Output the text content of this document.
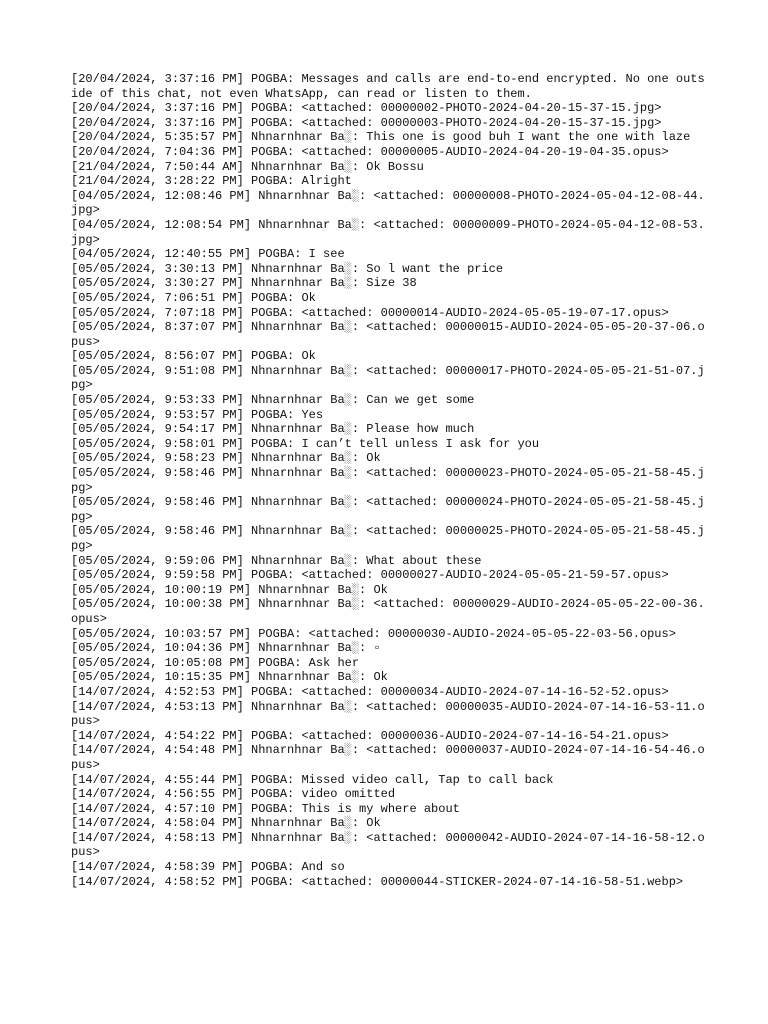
[20/04/2024, 3:37:16 PM] POGBA: Messages and calls are end-to-end encrypted. No one outside of this chat, not even WhatsApp, can read or listen to them.
[20/04/2024, 3:37:16 PM] POGBA: <attached: 00000002-PHOTO-2024-04-20-15-37-15.jpg>
[20/04/2024, 3:37:16 PM] POGBA: <attached: 00000003-PHOTO-2024-04-20-15-37-15.jpg>
[20/04/2024, 5:35:57 PM] Nhnarnhnar Ba░: This one is good buh I want the one with laze
[20/04/2024, 7:04:36 PM] POGBA: <attached: 00000005-AUDIO-2024-04-20-19-04-35.opus>
[21/04/2024, 7:50:44 AM] Nhnarnhnar Ba░: Ok Bossu
[21/04/2024, 3:28:22 PM] POGBA: Alright
[04/05/2024, 12:08:46 PM] Nhnarnhnar Ba░: <attached: 00000008-PHOTO-2024-05-04-12-08-44.jpg>
[04/05/2024, 12:08:54 PM] Nhnarnhnar Ba░: <attached: 00000009-PHOTO-2024-05-04-12-08-53.jpg>
[04/05/2024, 12:40:55 PM] POGBA: I see
[05/05/2024, 3:30:13 PM] Nhnarnhnar Ba░: So l want the price
[05/05/2024, 3:30:27 PM] Nhnarnhnar Ba░: Size 38
[05/05/2024, 7:06:51 PM] POGBA: Ok
[05/05/2024, 7:07:18 PM] POGBA: <attached: 00000014-AUDIO-2024-05-05-19-07-17.opus>
[05/05/2024, 8:37:07 PM] Nhnarnhnar Ba░: <attached: 00000015-AUDIO-2024-05-05-20-37-06.opus>
[05/05/2024, 8:56:07 PM] POGBA: Ok
[05/05/2024, 9:51:08 PM] Nhnarnhnar Ba░: <attached: 00000017-PHOTO-2024-05-05-21-51-07.jpg>
[05/05/2024, 9:53:33 PM] Nhnarnhnar Ba░: Can we get some
[05/05/2024, 9:53:57 PM] POGBA: Yes
[05/05/2024, 9:54:17 PM] Nhnarnhnar Ba░: Please how much
[05/05/2024, 9:58:01 PM] POGBA: I can’t tell unless I ask for you
[05/05/2024, 9:58:23 PM] Nhnarnhnar Ba░: Ok
[05/05/2024, 9:58:46 PM] Nhnarnhnar Ba░: <attached: 00000023-PHOTO-2024-05-05-21-58-45.jpg>
[05/05/2024, 9:58:46 PM] Nhnarnhnar Ba░: <attached: 00000024-PHOTO-2024-05-05-21-58-45.jpg>
[05/05/2024, 9:58:46 PM] Nhnarnhnar Ba░: <attached: 00000025-PHOTO-2024-05-05-21-58-45.jpg>
[05/05/2024, 9:59:06 PM] Nhnarnhnar Ba░: What about these
[05/05/2024, 9:59:58 PM] POGBA: <attached: 00000027-AUDIO-2024-05-05-21-59-57.opus>
[05/05/2024, 10:00:19 PM] Nhnarnhnar Ba░: Ok
[05/05/2024, 10:00:38 PM] Nhnarnhnar Ba░: <attached: 00000029-AUDIO-2024-05-05-22-00-36.opus>
[05/05/2024, 10:03:57 PM] POGBA: <attached: 00000030-AUDIO-2024-05-05-22-03-56.opus>
[05/05/2024, 10:04:36 PM] Nhnarnhnar Ba░: ▫
[05/05/2024, 10:05:08 PM] POGBA: Ask her
[05/05/2024, 10:15:35 PM] Nhnarnhnar Ba░: Ok
[14/07/2024, 4:52:53 PM] POGBA: <attached: 00000034-AUDIO-2024-07-14-16-52-52.opus>
[14/07/2024, 4:53:13 PM] Nhnarnhnar Ba░: <attached: 00000035-AUDIO-2024-07-14-16-53-11.opus>
[14/07/2024, 4:54:22 PM] POGBA: <attached: 00000036-AUDIO-2024-07-14-16-54-21.opus>
[14/07/2024, 4:54:48 PM] Nhnarnhnar Ba░: <attached: 00000037-AUDIO-2024-07-14-16-54-46.opus>
[14/07/2024, 4:55:44 PM] POGBA: Missed video call, Tap to call back
[14/07/2024, 4:56:55 PM] POGBA: video omitted
[14/07/2024, 4:57:10 PM] POGBA: This is my where about
[14/07/2024, 4:58:04 PM] Nhnarnhnar Ba░: Ok
[14/07/2024, 4:58:13 PM] Nhnarnhnar Ba░: <attached: 00000042-AUDIO-2024-07-14-16-58-12.opus>
[14/07/2024, 4:58:39 PM] POGBA: And so
[14/07/2024, 4:58:52 PM] POGBA: <attached: 00000044-STICKER-2024-07-14-16-58-51.webp>
